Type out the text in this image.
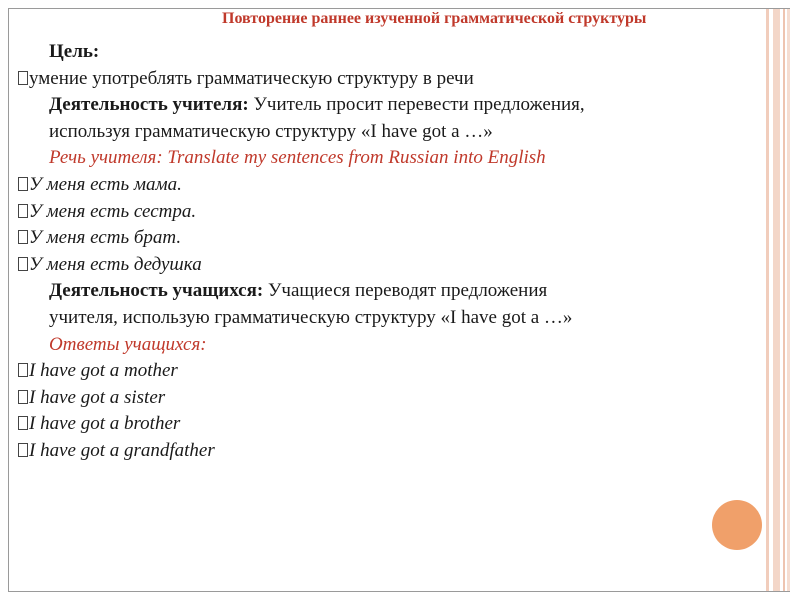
Повторение раннее изученной грамматической структуры
Цель:
умение употреблять грамматическую структуру в речи
Деятельность учителя: Учитель просит перевести предложения,
используя грамматическую структуру «I have got a …»
Речь учителя: Translate my sentences from Russian into English
У меня есть мама.
У меня есть сестра.
У меня есть брат.
У меня есть дедушка
Деятельность учащихся: Учащиеся переводят предложения
учителя, использую грамматическую структуру «I have got a …»
Ответы учащихся:
I have got a mother
I have got a sister
I have got a brother
I have got a grandfather
